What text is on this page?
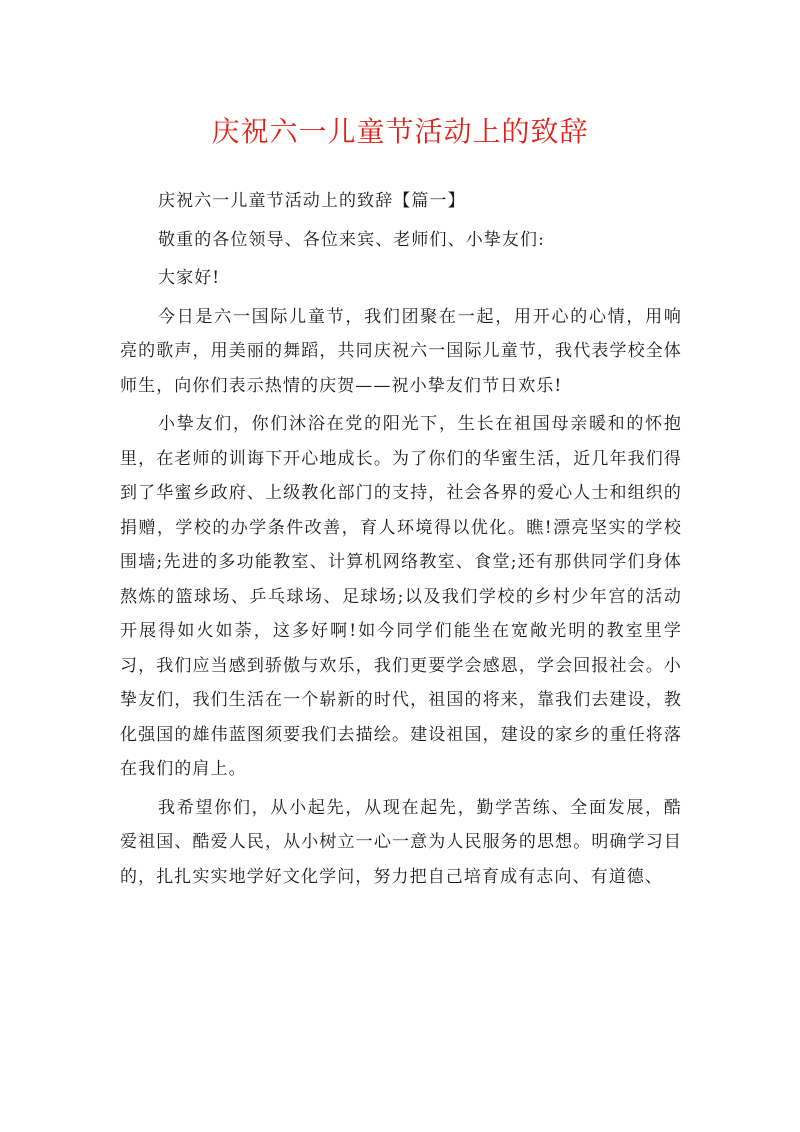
庆祝六一儿童节活动上的致辞

庆祝六一儿童节活动上的致辞【篇一】

敬重的各位领导、各位来宾、老师们、小挚友们:

大家好!

今日是六一国际儿童节，我们团聚在一起，用开心的心情，用响亮的歌声，用美丽的舞蹈，共同庆祝六一国际儿童节，我代表学校全体师生，向你们表示热情的庆贺——祝小挚友们节日欢乐!

小挚友们，你们沐浴在党的阳光下，生长在祖国母亲暖和的怀抱里，在老师的训诲下开心地成长。为了你们的华蜜生活，近几年我们得到了华蜜乡政府、上级教化部门的支持，社会各界的爱心人士和组织的捐赠，学校的办学条件改善，育人环境得以优化。瞧!漂亮坚实的学校围墙;先进的多功能教室、计算机网络教室、食堂;还有那供同学们身体熬炼的篮球场、乒乓球场、足球场;以及我们学校的乡村少年宫的活动开展得如火如荼，这多好啊!如今同学们能坐在宽敞光明的教室里学习，我们应当感到骄傲与欢乐，我们更要学会感恩，学会回报社会。小挚友们，我们生活在一个崭新的时代，祖国的将来，靠我们去建设，教化强国的雄伟蓝图须要我们去描绘。建设祖国，建设的家乡的重任将落在我们的肩上。

我希望你们，从小起先，从现在起先，勤学苦练、全面发展，酷爱祖国、酷爱人民，从小树立一心一意为人民服务的思想。明确学习目的，扎扎实实地学好文化学问，努力把自己培育成有志向、有道德、
